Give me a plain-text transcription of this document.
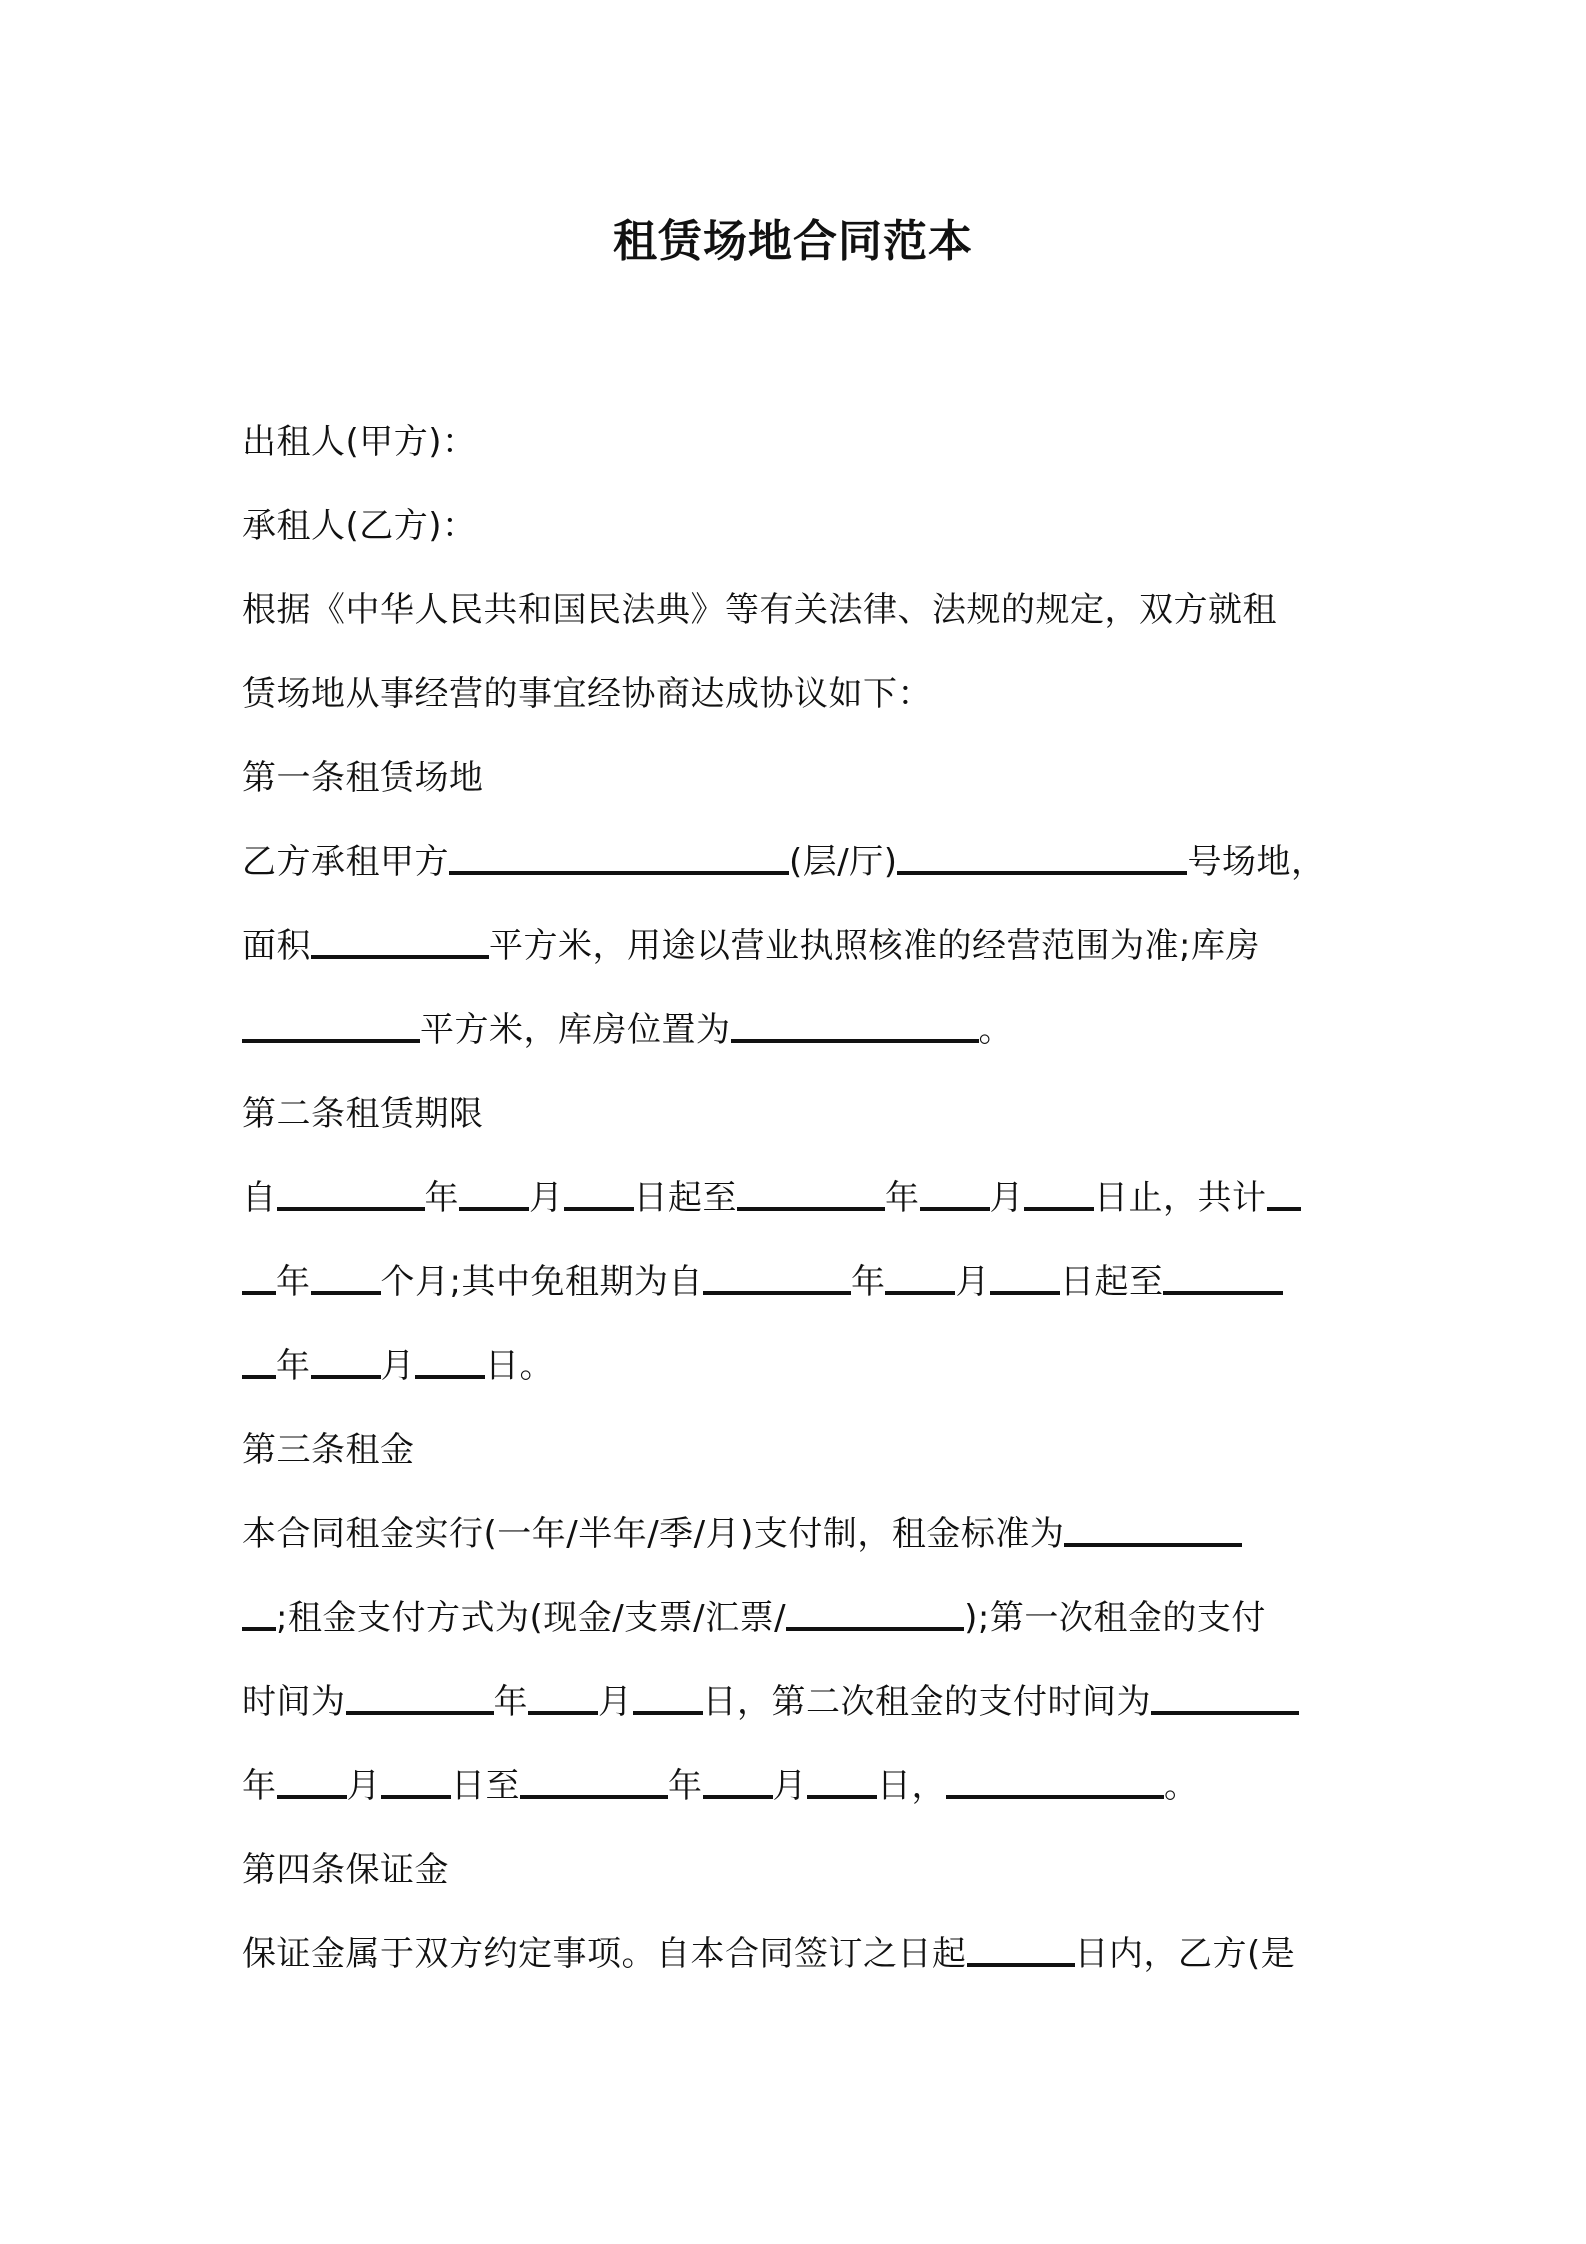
租赁场地合同范本
出租人(甲方)：
承租人(乙方)：
根据《中华人民共和国民法典》等有关法律、法规的规定，双方就租
赁场地从事经营的事宜经协商达成协议如下：
第一条租赁场地
乙方承租甲方	(层/厅)	号场地，
面积	平方米，用途以营业执照核准的经营范围为准;库房
平方米，库房位置为	。
第二条租赁期限
自	年 月 日起至	年 月 日止，共计
年 个月;其中免租期为自	年 月 日起至
年 月 日。
第三条租金
本合同租金实行(一年/半年/季/月)支付制，租金标准为
;租金支付方式为(现金/支票/汇票/	);第一次租金的支付
时间为	年 月 日，第二次租金的支付时间为
年 月 日至	年 月 日，	。
第四条保证金
保证金属于双方约定事项。自本合同签订之日起	日内，乙方(是
